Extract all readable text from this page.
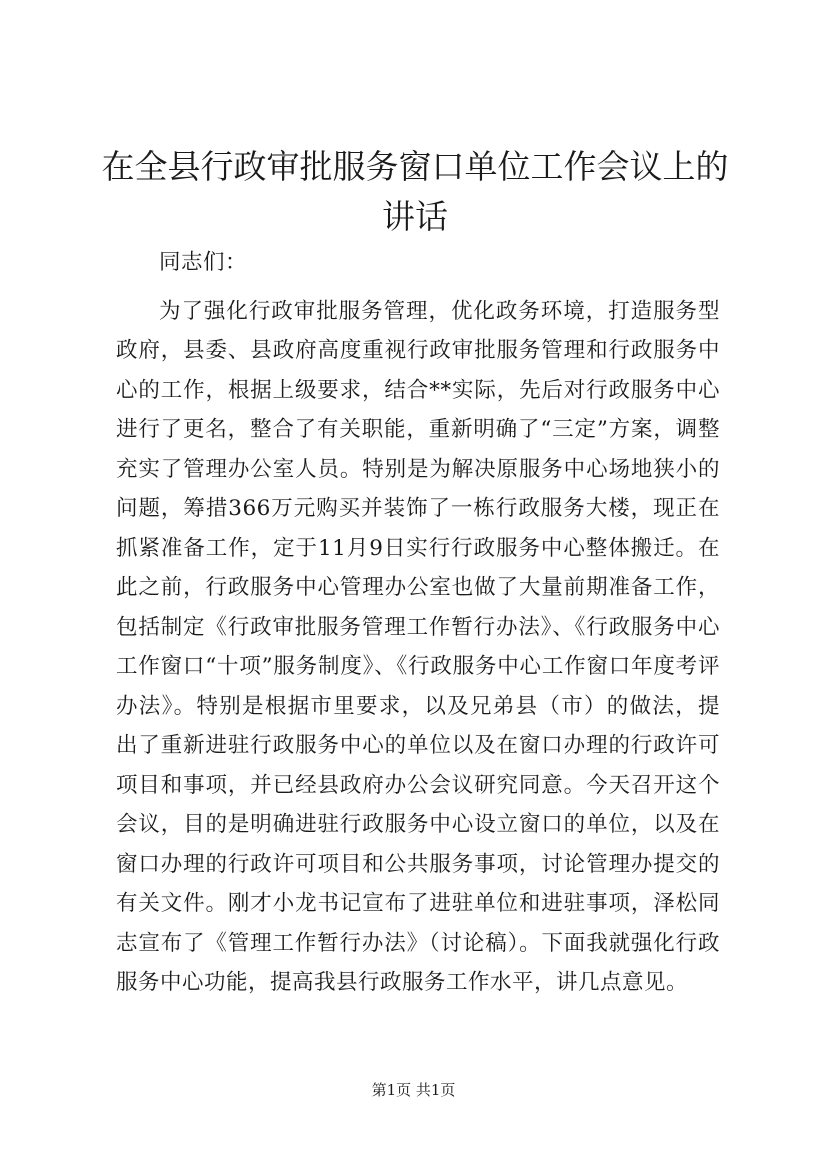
在全县行政审批服务窗口单位工作会议上的讲话

同志们：

为了强化行政审批服务管理，优化政务环境，打造服务型政府，县委、县政府高度重视行政审批服务管理和行政服务中心的工作，根据上级要求，结合**实际，先后对行政服务中心进行了更名，整合了有关职能，重新明确了“三定”方案，调整充实了管理办公室人员。特别是为解决原服务中心场地狭小的问题，筹措366万元购买并装饰了一栋行政服务大楼，现正在抓紧准备工作，定于11月9日实行行政服务中心整体搬迁。在此之前，行政服务中心管理办公室也做了大量前期准备工作，包括制定《行政审批服务管理工作暂行办法》、《行政服务中心工作窗口“十项”服务制度》、《行政服务中心工作窗口年度考评办法》。特别是根据市里要求，以及兄弟县（市）的做法，提出了重新进驻行政服务中心的单位以及在窗口办理的行政许可项目和事项，并已经县政府办公会议研究同意。今天召开这个会议，目的是明确进驻行政服务中心设立窗口的单位，以及在窗口办理的行政许可项目和公共服务事项，讨论管理办提交的有关文件。刚才小龙书记宣布了进驻单位和进驻事项，泽松同志宣布了《管理工作暂行办法》（讨论稿）。下面我就强化行政服务中心功能，提高我县行政服务工作水平，讲几点意见。

第1页 共1页
